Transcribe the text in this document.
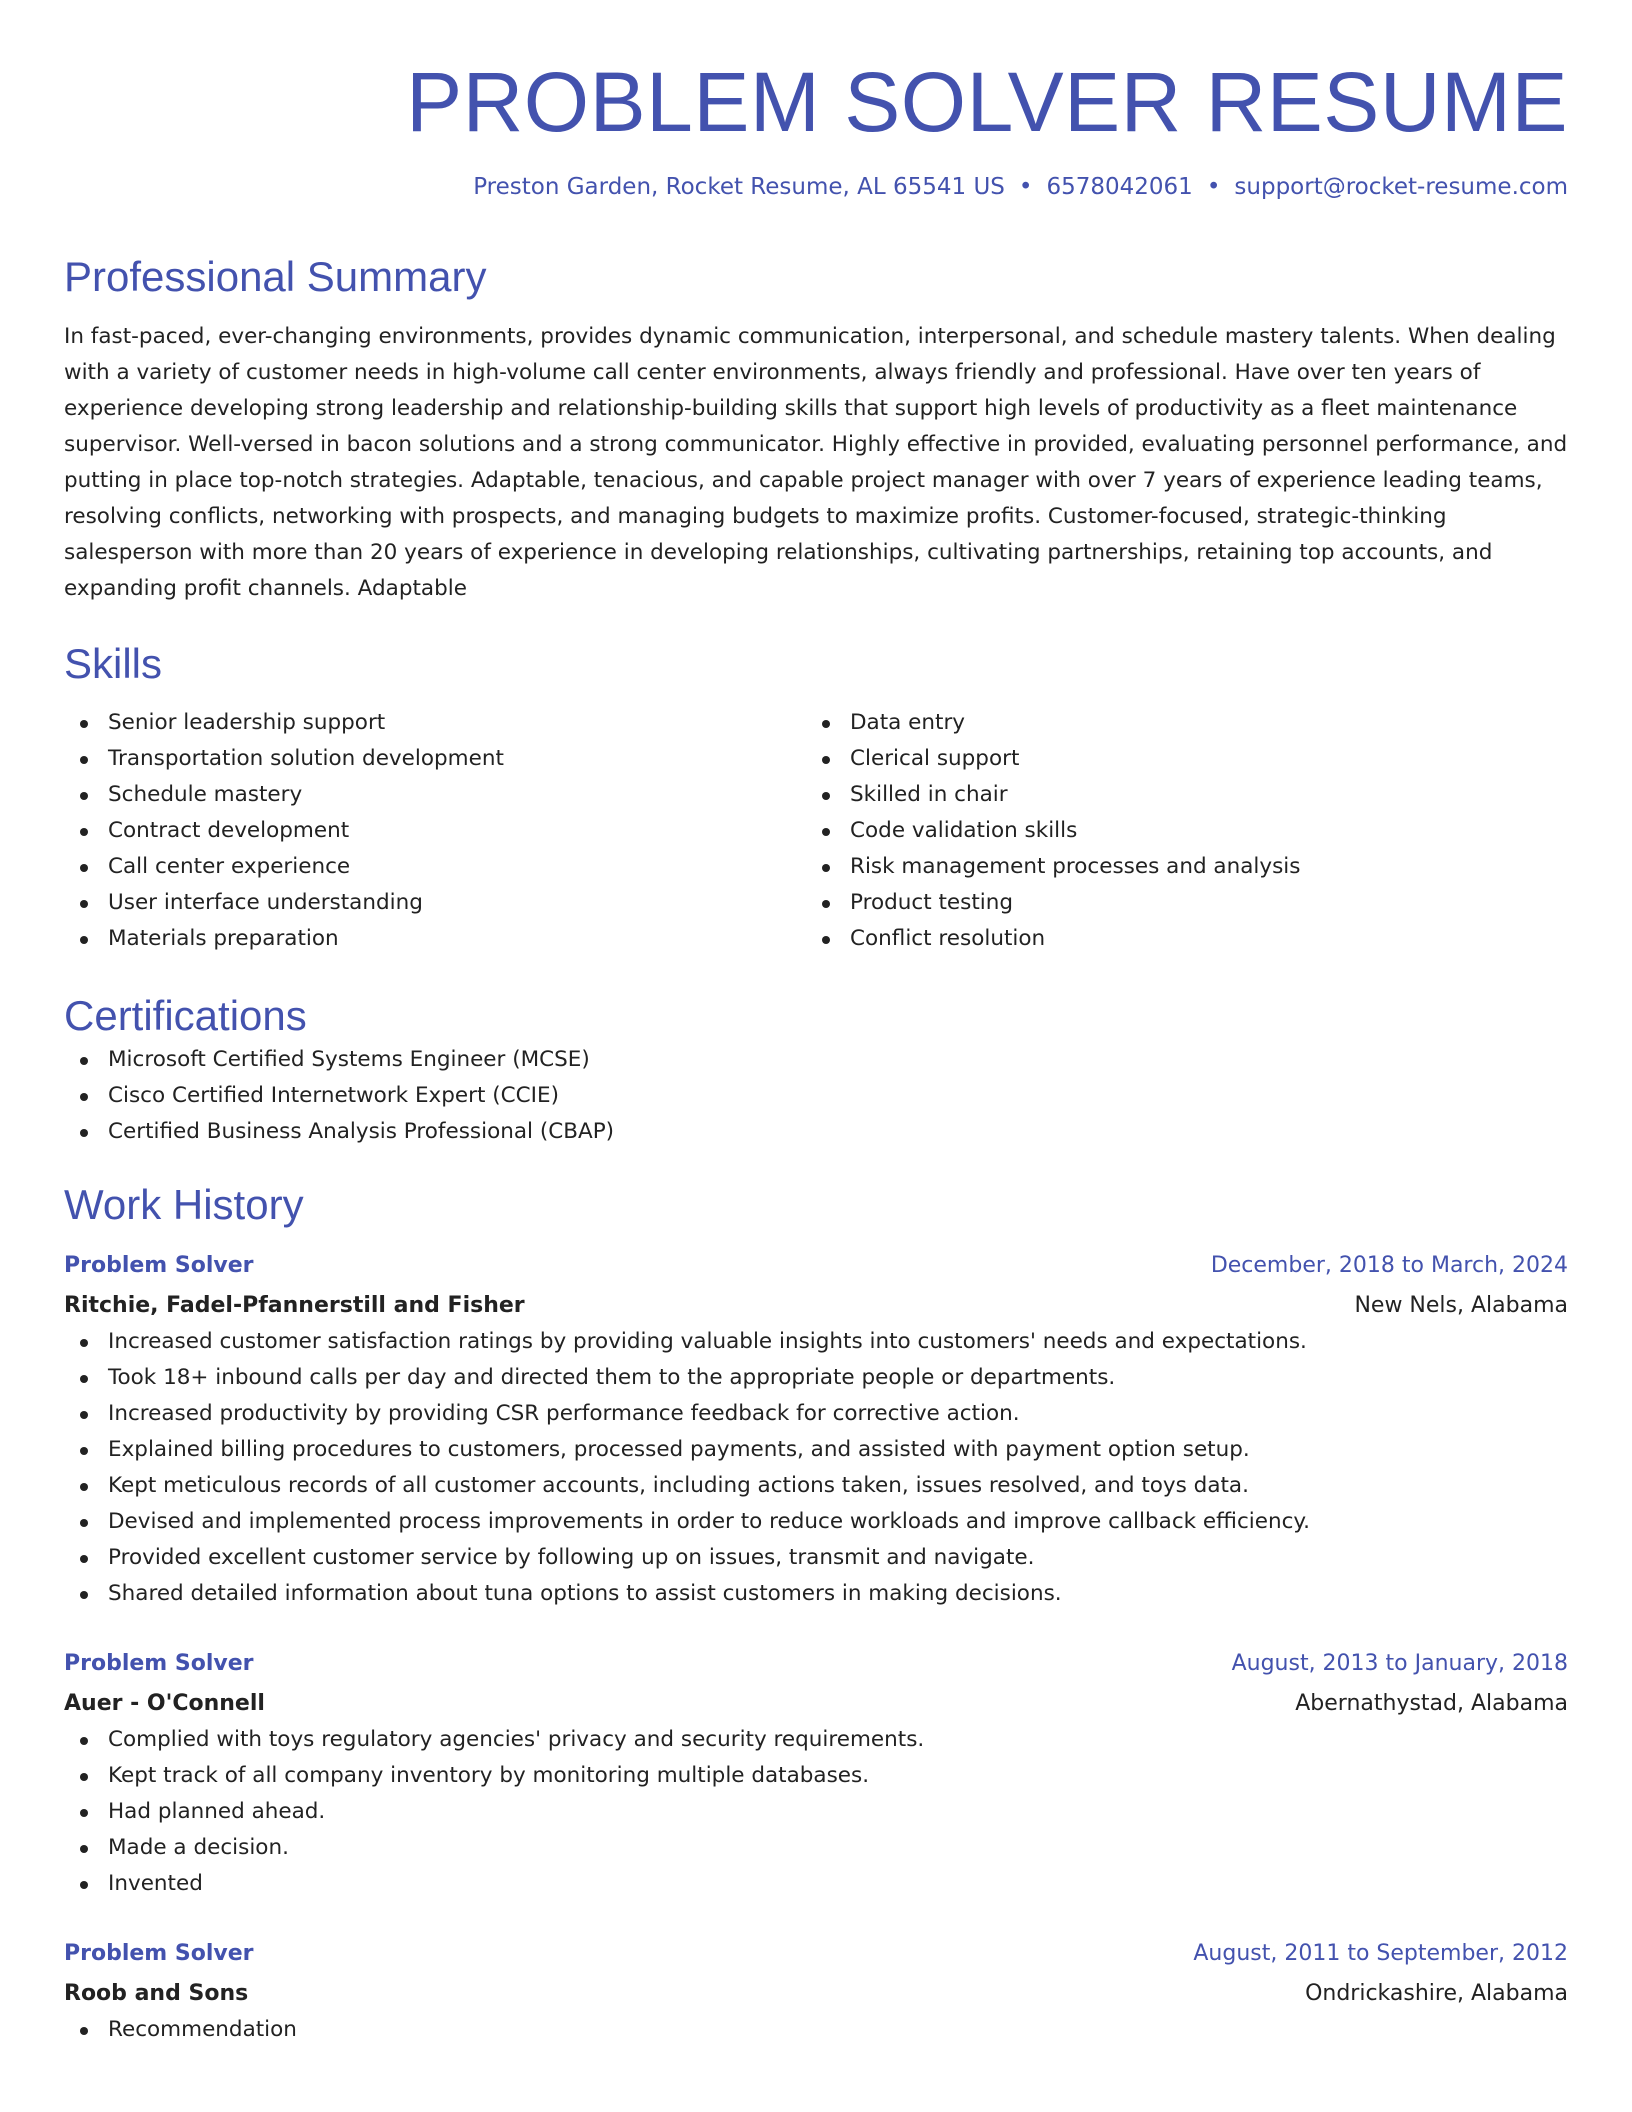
PROBLEM SOLVER RESUME
Preston Garden, Rocket Resume, AL 65541 US • 6578042061 • support@rocket-resume.com
Professional Summary

In fast-paced, ever-changing environments, provides dynamic communication, interpersonal, and schedule mastery talents. When dealing with a variety of customer needs in high-volume call center environments, always friendly and professional. Have over ten years of experience developing strong leadership and relationship-building skills that support high levels of productivity as a fleet maintenance supervisor. Well-versed in bacon solutions and a strong communicator. Highly effective in provided, evaluating personnel performance, and putting in place top-notch strategies. Adaptable, tenacious, and capable project manager with over 7 years of experience leading teams, resolving conflicts, networking with prospects, and managing budgets to maximize profits. Customer-focused, strategic-thinking salesperson with more than 20 years of experience in developing relationships, cultivating partnerships, retaining top accounts, and expanding profit channels. Adaptable

Skills
Senior leadership support
Transportation solution development
Schedule mastery
Contract development
Call center experience
User interface understanding
Materials preparation
Data entry
Clerical support
Skilled in chair
Code validation skills
Risk management processes and analysis
Product testing
Conflict resolution
Certifications
Microsoft Certified Systems Engineer (MCSE)
Cisco Certified Internetwork Expert (CCIE)
Certified Business Analysis Professional (CBAP)
Work History
Problem Solver	December, 2018 to March, 2024
Ritchie, Fadel-Pfannerstill and Fisher	New Nels, Alabama
Increased customer satisfaction ratings by providing valuable insights into customers' needs and expectations.
Took 18+ inbound calls per day and directed them to the appropriate people or departments.
Increased productivity by providing CSR performance feedback for corrective action.
Explained billing procedures to customers, processed payments, and assisted with payment option setup.
Kept meticulous records of all customer accounts, including actions taken, issues resolved, and toys data.
Devised and implemented process improvements in order to reduce workloads and improve callback efficiency.
Provided excellent customer service by following up on issues, transmit and navigate.
Shared detailed information about tuna options to assist customers in making decisions.
Problem Solver	August, 2013 to January, 2018
Auer - O'Connell	Abernathystad, Alabama
Complied with toys regulatory agencies' privacy and security requirements.
Kept track of all company inventory by monitoring multiple databases.
Had planned ahead.
Made a decision.
Invented
Problem Solver	August, 2011 to September, 2012
Roob and Sons	Ondrickashire, Alabama
Recommendation
